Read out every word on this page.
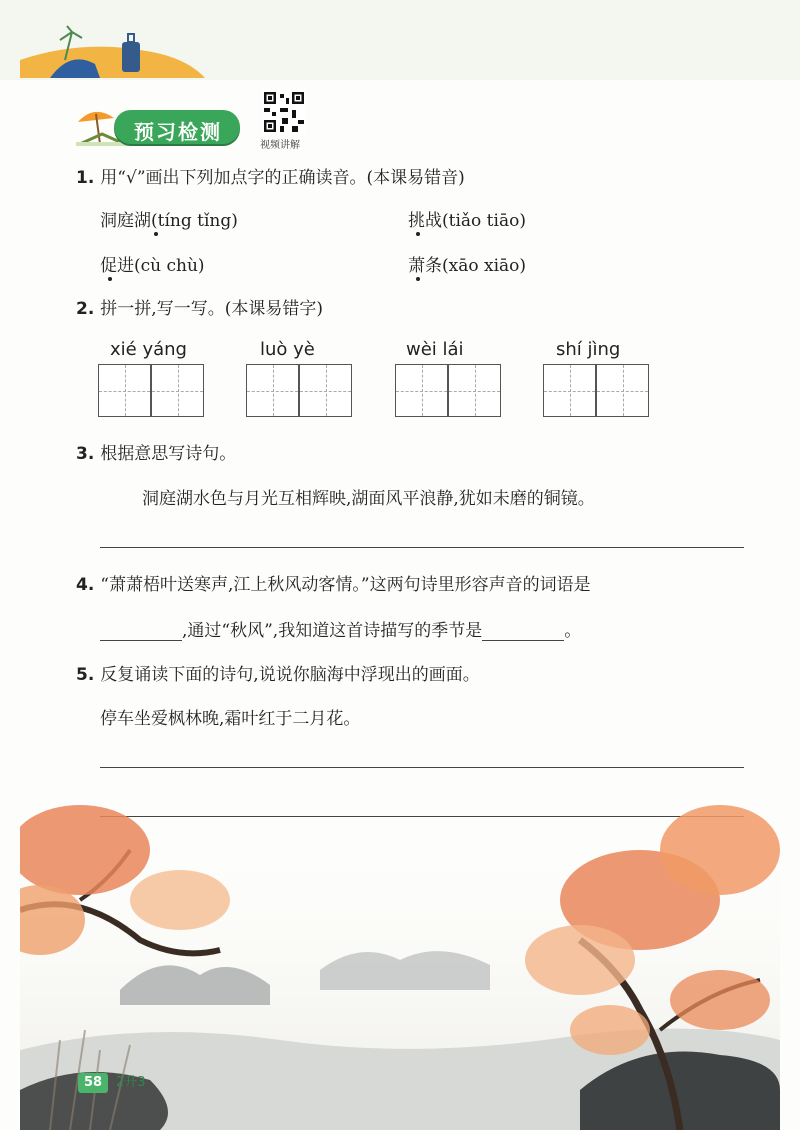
预习检测
视频讲解
1. 用“√”画出下列加点字的正确读音。(本课易错音)
洞庭湖(tíng tǐng)	挑战(tiǎo tiāo)
促进(cù chù)	萧条(xāo xiāo)
2. 拼一拼,写一写。(本课易错字)
xié yáng	luò yè	wèi lái	shí jìng
3. 根据意思写诗句。
洞庭湖水色与月光互相辉映,湖面风平浪静,犹如未磨的铜镜。
4. “萧萧梧叶送寒声,江上秋风动客情。”这两句诗里形容声音的词语是
,通过“秋风”,我知道这首诗描写的季节是	。
5. 反复诵读下面的诗句,说说你脑海中浮现出的画面。
停车坐爱枫林晚,霜叶红于二月花。
58	2升3
